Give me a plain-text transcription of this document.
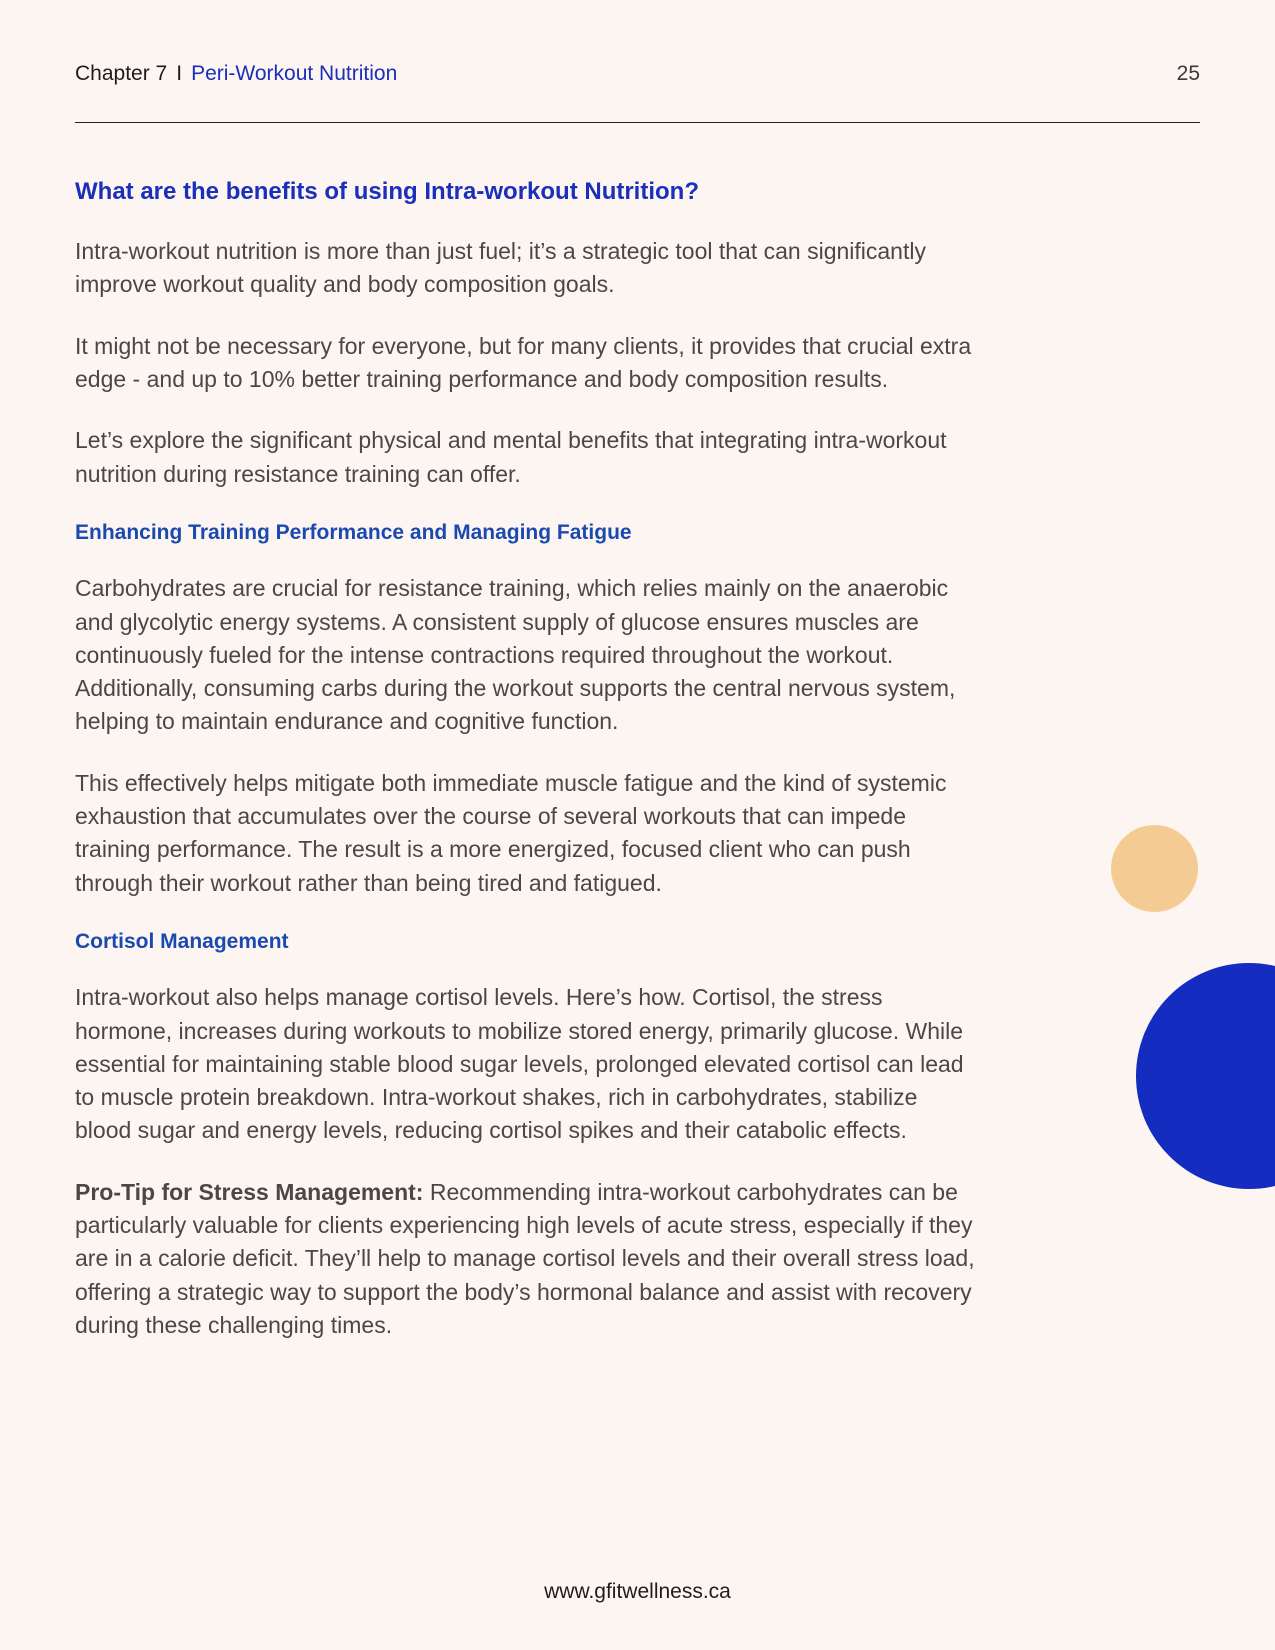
Chapter 7 I Peri-Workout Nutrition	25
What are the benefits of using Intra-workout Nutrition?

Intra-workout nutrition is more than just fuel; it’s a strategic tool that can significantly improve workout quality and body composition goals.

It might not be necessary for everyone, but for many clients, it provides that crucial extra edge - and up to 10% better training performance and body composition results.

Let’s explore the significant physical and mental benefits that integrating intra-workout nutrition during resistance training can offer.

Enhancing Training Performance and Managing Fatigue

Carbohydrates are crucial for resistance training, which relies mainly on the anaerobic and glycolytic energy systems. A consistent supply of glucose ensures muscles are continuously fueled for the intense contractions required throughout the workout. Additionally, consuming carbs during the workout supports the central nervous system, helping to maintain endurance and cognitive function.

This effectively helps mitigate both immediate muscle fatigue and the kind of systemic exhaustion that accumulates over the course of several workouts that can impede training performance. The result is a more energized, focused client who can push through their workout rather than being tired and fatigued.

Cortisol Management

Intra-workout also helps manage cortisol levels. Here’s how. Cortisol, the stress hormone, increases during workouts to mobilize stored energy, primarily glucose. While essential for maintaining stable blood sugar levels, prolonged elevated cortisol can lead to muscle protein breakdown. Intra-workout shakes, rich in carbohydrates, stabilize blood sugar and energy levels, reducing cortisol spikes and their catabolic effects.

Pro-Tip for Stress Management: Recommending intra-workout carbohydrates can be particularly valuable for clients experiencing high levels of acute stress, especially if they are in a calorie deficit. They’ll help to manage cortisol levels and their overall stress load, offering a strategic way to support the body’s hormonal balance and assist with recovery during these challenging times.

www.gfitwellness.ca
